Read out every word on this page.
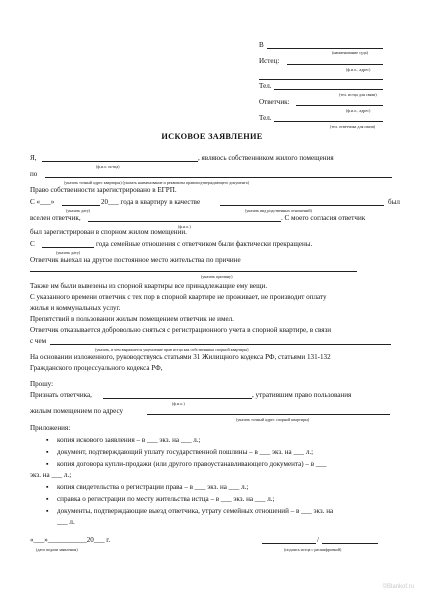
В
(наименование суда)
Истец:
(ф.и.о., адрес)
Тел.
(тел. истца для связи)
Ответчик:
(ф.и.о., адрес)
Тел.
(тел. ответчика для связи)
ИСКОВОЕ ЗАЯВЛЕНИЕ
Я,	, являюсь собственником жилого помещения
(ф.и.о. истца)
по
(указать точный адрес квартиры) (указать наименование и реквизиты правоподтверждающего документа)
Право собственности зарегистрировано в ЕГРП.
С «___»	20___ года в квартиру в качестве	был
(указать дату)	(указать вид родственных отношений)
вселен ответчик,	. С моего согласия ответчик
(ф.и.о.)
был зарегистрирован в спорном жилом помещении.
С	года семейные отношения с ответчиком были фактически прекращены.
(указать дату)
Ответчик выехал на другое постоянное место жительства по причине
(указать причину)
Также им были вывезены из спорной квартиры все принадлежащие ему вещи.
С указанного времени ответчик с тех пор в спорной квартире не проживает, не производит оплату
жилья и коммунальных услуг.
Препятствий в пользовании жилым помещением ответчик не имел.
Ответчик отказывается добровольно сняться с регистрационного учета в спорной квартире, в связи
с чем
(указать, в чем выражается ущемление прав истца как собственника спорной квартиры)
На основании изложенного, руководствуясь статьями 31 Жилищного кодекса РФ, статьями 131-132
Гражданского процессуального кодекса РФ,
Прошу:
Признать ответчика,	, утратившим право пользования
(ф.и.о.)
жилым помещением по адресу
(указать точный адрес спорной квартиры)
Приложения:
▪ копия искового заявления – в ___ экз. на ___ л.;
▪ документ, подтверждающий уплату государственной пошлины – в ___ экз. на ___ л.;
▪ копия договора купли-продажи (или другого правоустанавливающего документа) – в ___
экз. на ___ л.;
▪ копия свидетельства о регистрации права – в ___ экз. на ___ л.;
▪ справка о регистрации по месту жительства истца – в ___ экз. на ___ л.;
▪ документы, подтверждающие выезд ответчика, утрату семейных отношений – в ___ экз. на
___ л.
«___»___________20___ г.
(дата подачи заявления)
/
(подпись истца с расшифровкой)
©Blankof.ru
